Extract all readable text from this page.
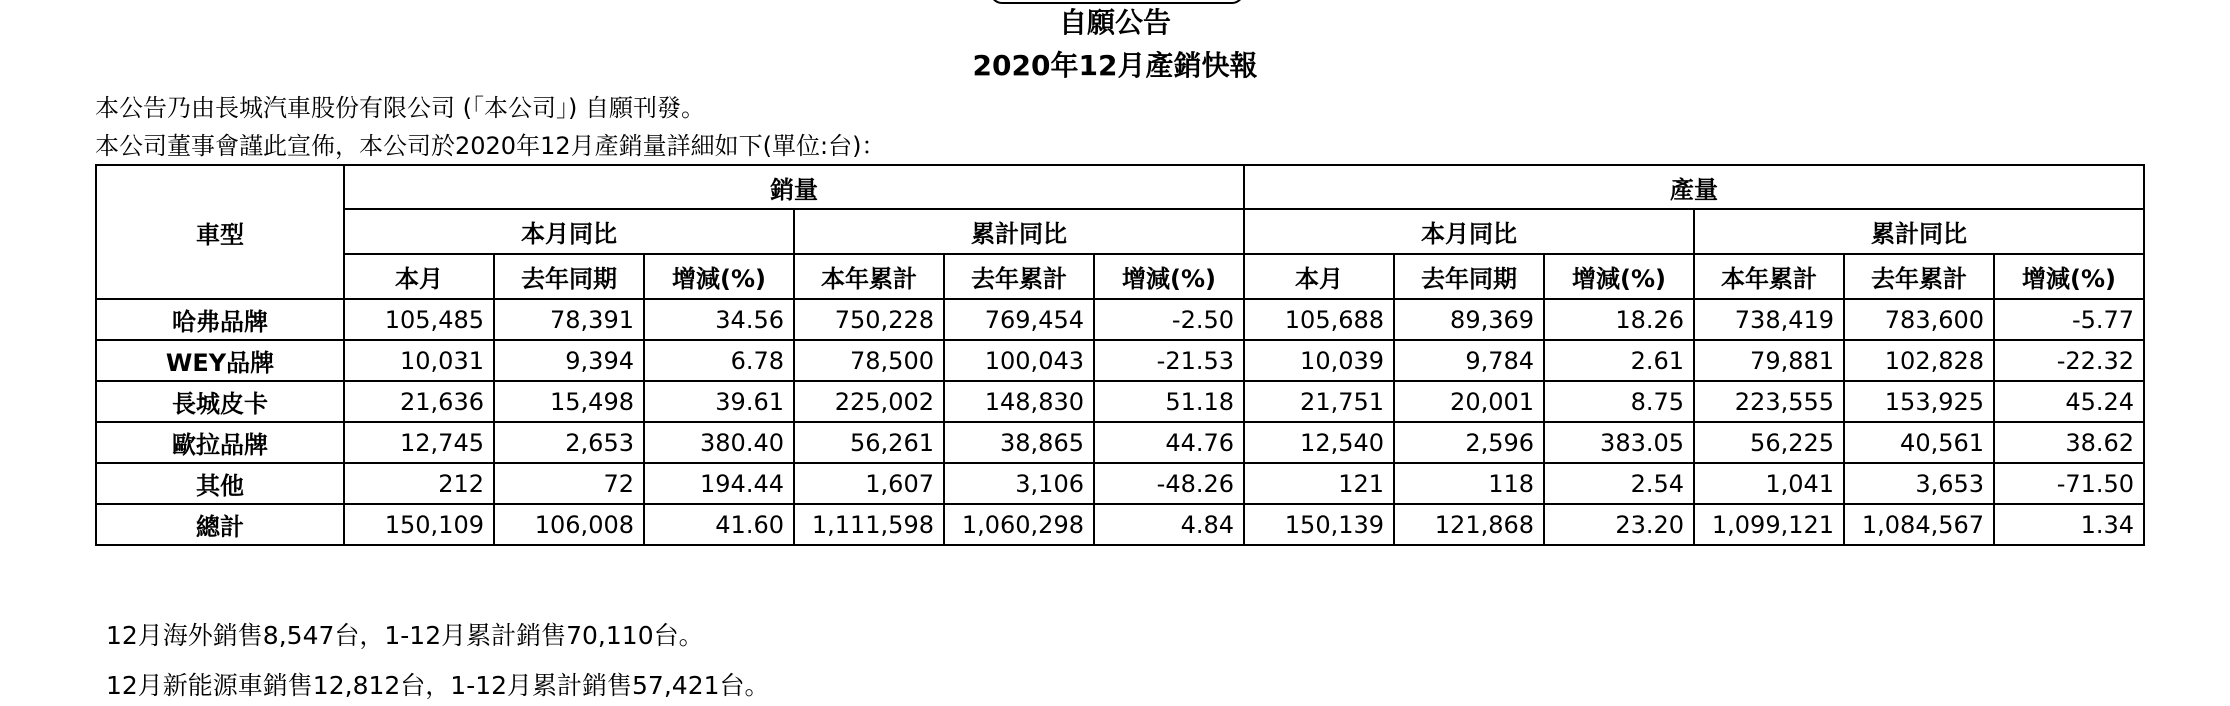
自願公告
2020年12月產銷快報
本公告乃由長城汽車股份有限公司 (「本公司」) 自願刊發。
本公司董事會謹此宣佈，本公司於2020年12月產銷量詳細如下(單位:台)：
車型	銷量						產量					
	本月同比			累計同比			本月同比			累計同比		
	本月	去年同期	增減(%)	本年累計	去年累計	增減(%)	本月	去年同期	增減(%)	本年累計	去年累計	增減(%)
哈弗品牌	105,485	78,391	34.56	750,228	769,454	-2.50	105,688	89,369	18.26	738,419	783,600	-5.77
WEY品牌	10,031	9,394	6.78	78,500	100,043	-21.53	10,039	9,784	2.61	79,881	102,828	-22.32
長城皮卡	21,636	15,498	39.61	225,002	148,830	51.18	21,751	20,001	8.75	223,555	153,925	45.24
歐拉品牌	12,745	2,653	380.40	56,261	38,865	44.76	12,540	2,596	383.05	56,225	40,561	38.62
其他	212	72	194.44	1,607	3,106	-48.26	121	118	2.54	1,041	3,653	-71.50
總計	150,109	106,008	41.60	1,111,598	1,060,298	4.84	150,139	121,868	23.20	1,099,121	1,084,567	1.34
12月海外銷售8,547台，1-12月累計銷售70,110台。
12月新能源車銷售12,812台，1-12月累計銷售57,421台。
